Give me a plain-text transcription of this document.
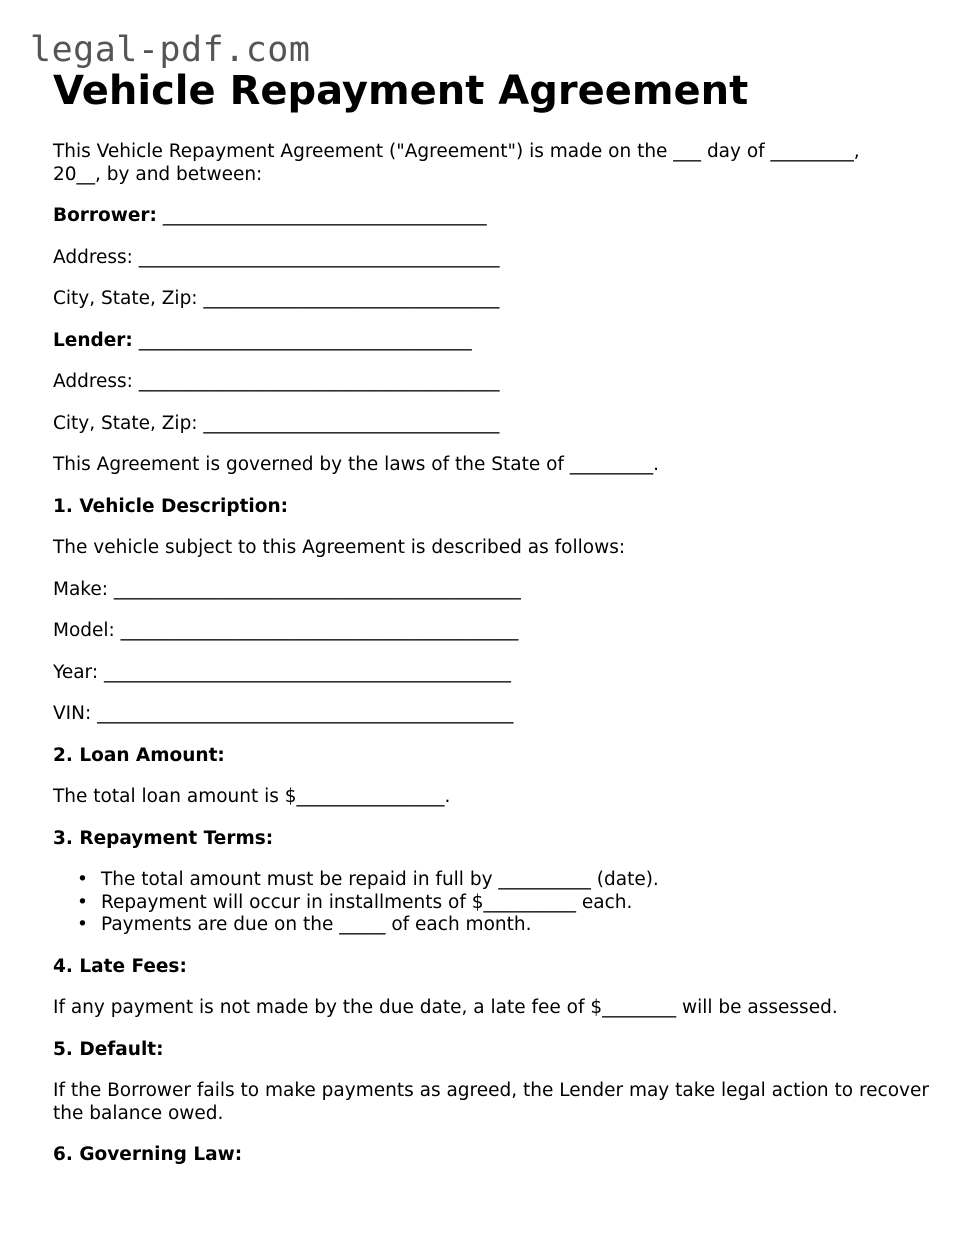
legal-pdf.com
Vehicle Repayment Agreement

This Vehicle Repayment Agreement ("Agreement") is made on the ___ day of _________, 20__, by and between:

Borrower: ___________________________________

Address: _______________________________________

City, State, Zip: ________________________________

Lender: ____________________________________

Address: _______________________________________

City, State, Zip: ________________________________

This Agreement is governed by the laws of the State of _________.

1. Vehicle Description:

The vehicle subject to this Agreement is described as follows:

Make: ____________________________________________

Model: ___________________________________________

Year: ____________________________________________

VIN: _____________________________________________

2. Loan Amount:

The total loan amount is $________________.

3. Repayment Terms:

• The total amount must be repaid in full by __________ (date).
• Repayment will occur in installments of $__________ each.
• Payments are due on the _____ of each month.

4. Late Fees:

If any payment is not made by the due date, a late fee of $________ will be assessed.

5. Default:

If the Borrower fails to make payments as agreed, the Lender may take legal action to recover the balance owed.

6. Governing Law:
